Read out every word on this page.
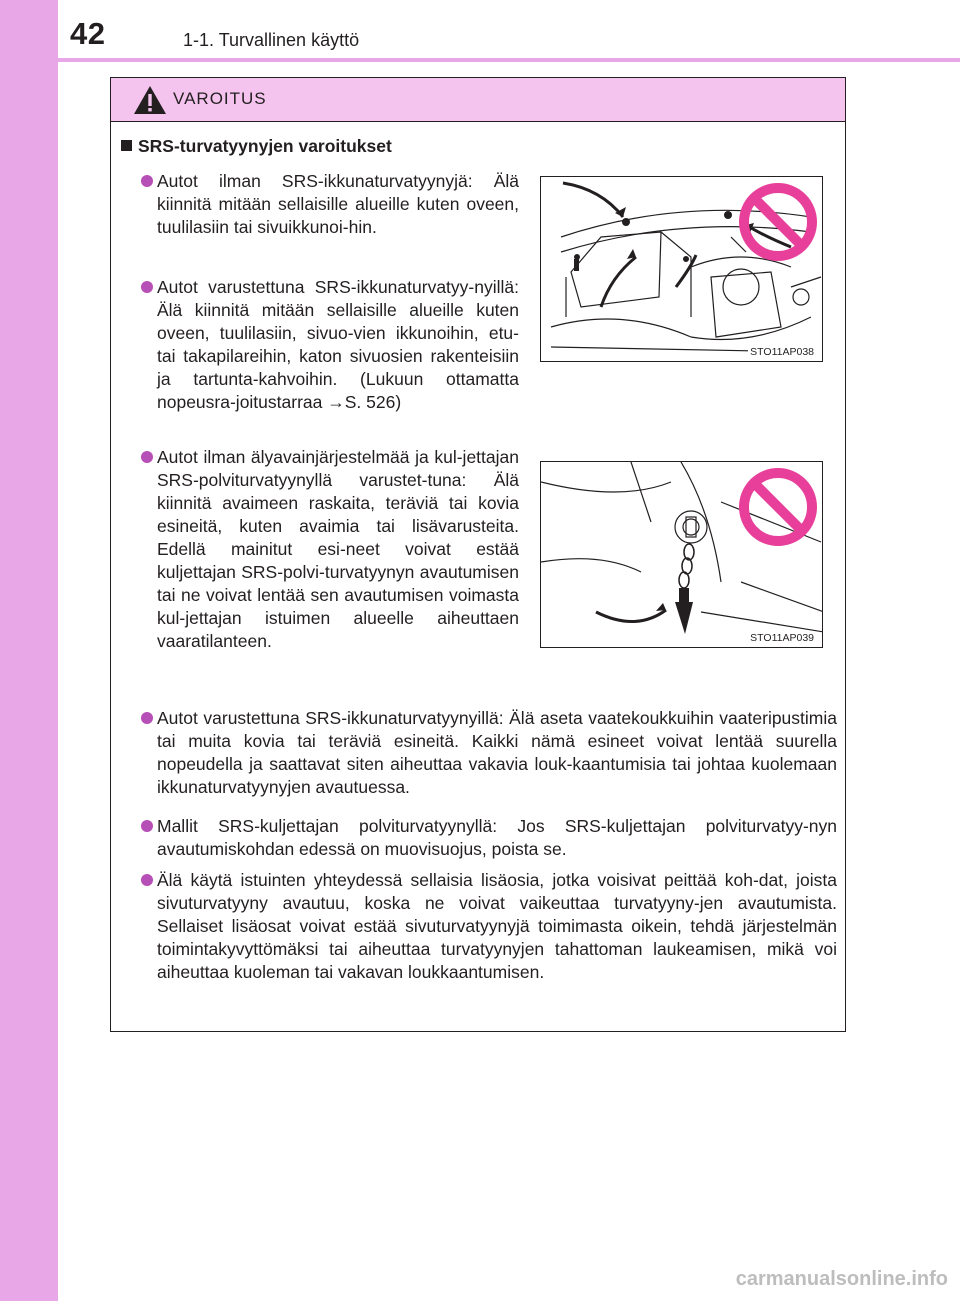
42	1-1. Turvallinen käyttö
VAROITUS
SRS-turvatyynyjen varoitukset
Autot ilman SRS-ikkunaturvatyynyjä: Älä kiinnitä mitään sellaisille alueille kuten oveen, tuulilasiin tai sivuikkunoi-hin.
Autot varustettuna SRS-ikkunaturvatyy-nyillä: Älä kiinnitä mitään sellaisille alueille kuten oveen, tuulilasiin, sivuo-vien ikkunoihin, etu- tai takapilareihin, katon sivuosien rakenteisiin ja tartunta-kahvoihin. (Lukuun ottamatta nopeusra-joitustarraa →S. 526)
STO11AP038
Autot ilman älyavainjärjestelmää ja kul-jettajan SRS-polviturvatyynyllä varustet-tuna: Älä kiinnitä avaimeen raskaita, teräviä tai kovia esineitä, kuten avaimia tai lisävarusteita. Edellä mainitut esi-neet voivat estää kuljettajan SRS-polvi-turvatyynyn avautumisen tai ne voivat lentää sen avautumisen voimasta kul-jettajan istuimen alueelle aiheuttaen vaaratilanteen.	STO11AP039
Autot varustettuna SRS-ikkunaturvatyynyillä: Älä aseta vaatekoukkuihin vaateripustimia tai muita kovia tai teräviä esineitä. Kaikki nämä esineet voivat lentää suurella nopeudella ja saattavat siten aiheuttaa vakavia louk-kaantumisia tai johtaa kuolemaan ikkunaturvatyynyjen avautuessa.
Mallit SRS-kuljettajan polviturvatyynyllä: Jos SRS-kuljettajan polviturvatyy-nyn avautumiskohdan edessä on muovisuojus, poista se.
Älä käytä istuinten yhteydessä sellaisia lisäosia, jotka voisivat peittää koh-dat, joista sivuturvatyyny avautuu, koska ne voivat vaikeuttaa turvatyyny-jen avautumista. Sellaiset lisäosat voivat estää sivuturvatyynyjä toimimasta oikein, tehdä järjestelmän toimintakyvyttömäksi tai aiheuttaa turvatyynyjen tahattoman laukeamisen, mikä voi aiheuttaa kuoleman tai vakavan loukkaantumisen.
carmanualsonline.info
